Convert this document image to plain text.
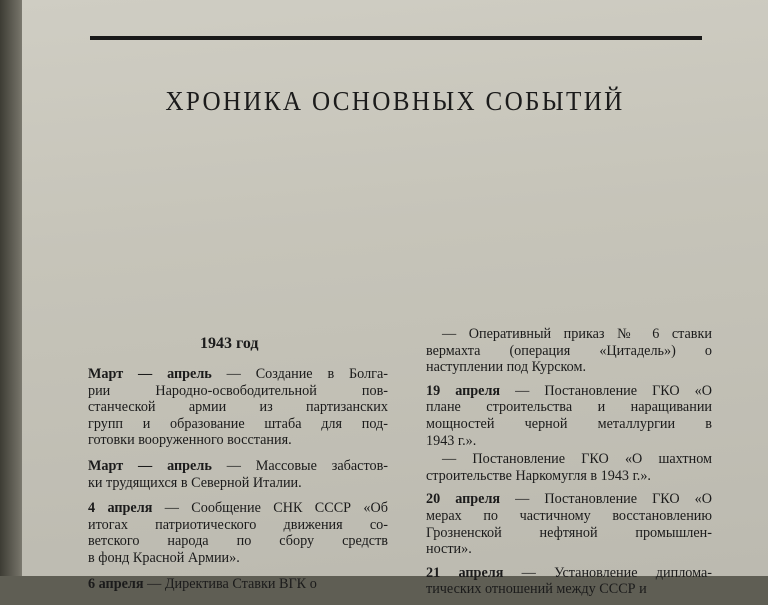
ХРОНИКА ОСНОВНЫХ СОБЫТИЙ
1943 год
Март — апрель — Создание в Болга-
рии Народно-освободительной пов-
станческой армии из партизанских
групп и образование штаба для под-
готовки вооруженного восстания.
Март — апрель — Массовые забастов-
ки трудящихся в Северной Италии.
4 апреля — Сообщение СНК СССР «Об
итогах патриотического движения со-
ветского народа по сбору средств
в фонд Красной Армии».
6 апреля — Директива Ставки ВГК о
— Оперативный приказ № 6 ставки
вермахта (операция «Цитадель») о
наступлении под Курском.
19 апреля — Постановление ГКО «О
плане строительства и наращивании
мощностей черной металлургии в
1943 г.».
— Постановление ГКО «О шахтном
строительстве Наркомугля в 1943 г.».
20 апреля — Постановление ГКО «О
мерах по частичному восстановлению
Грозненской нефтяной промышлен-
ности».
21 апреля — Установление диплома-
тических отношений между СССР и
